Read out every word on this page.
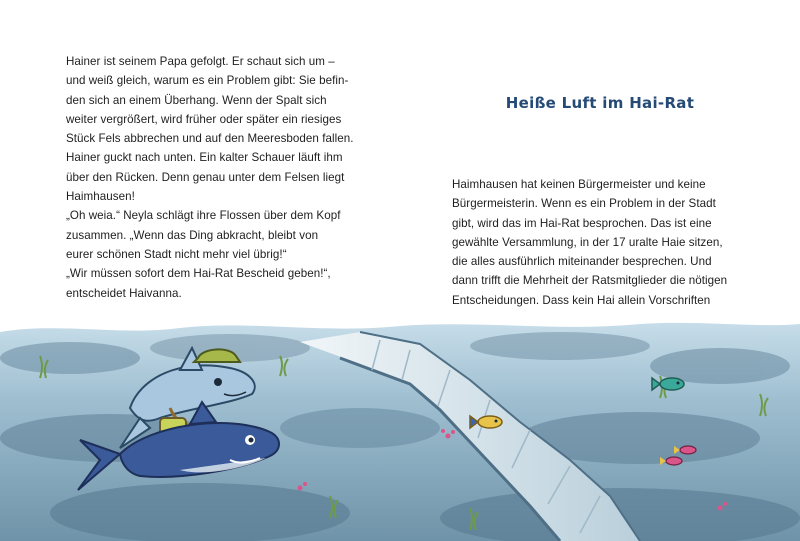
Hainer ist seinem Papa gefolgt. Er schaut sich um –
und weiß gleich, warum es ein Problem gibt: Sie befin-
den sich an einem Überhang. Wenn der Spalt sich
weiter vergrößert, wird früher oder später ein riesiges
Stück Fels abbrechen und auf den Meeresboden fallen.
Hainer guckt nach unten. Ein kalter Schauer läuft ihm
über den Rücken. Denn genau unter dem Felsen liegt
Haimhausen!
„Oh weia.“ Neyla schlägt ihre Flossen über dem Kopf
zusammen. „Wenn das Ding abkracht, bleibt von
eurer schönen Stadt nicht mehr viel übrig!“
„Wir müssen sofort dem Hai-Rat Bescheid geben!“,
entscheidet Haivanna.
Heiße Luft im Hai-Rat
Haimhausen hat keinen Bürgermeister und keine
Bürgermeisterin. Wenn es ein Problem in der Stadt
gibt, wird das im Hai-Rat besprochen. Das ist eine
gewählte Versammlung, in der 17 uralte Haie sitzen,
die alles ausführlich miteinander besprechen. Und
dann trifft die Mehrheit der Ratsmitglieder die nötigen
Entscheidungen. Dass kein Hai allein Vorschriften
